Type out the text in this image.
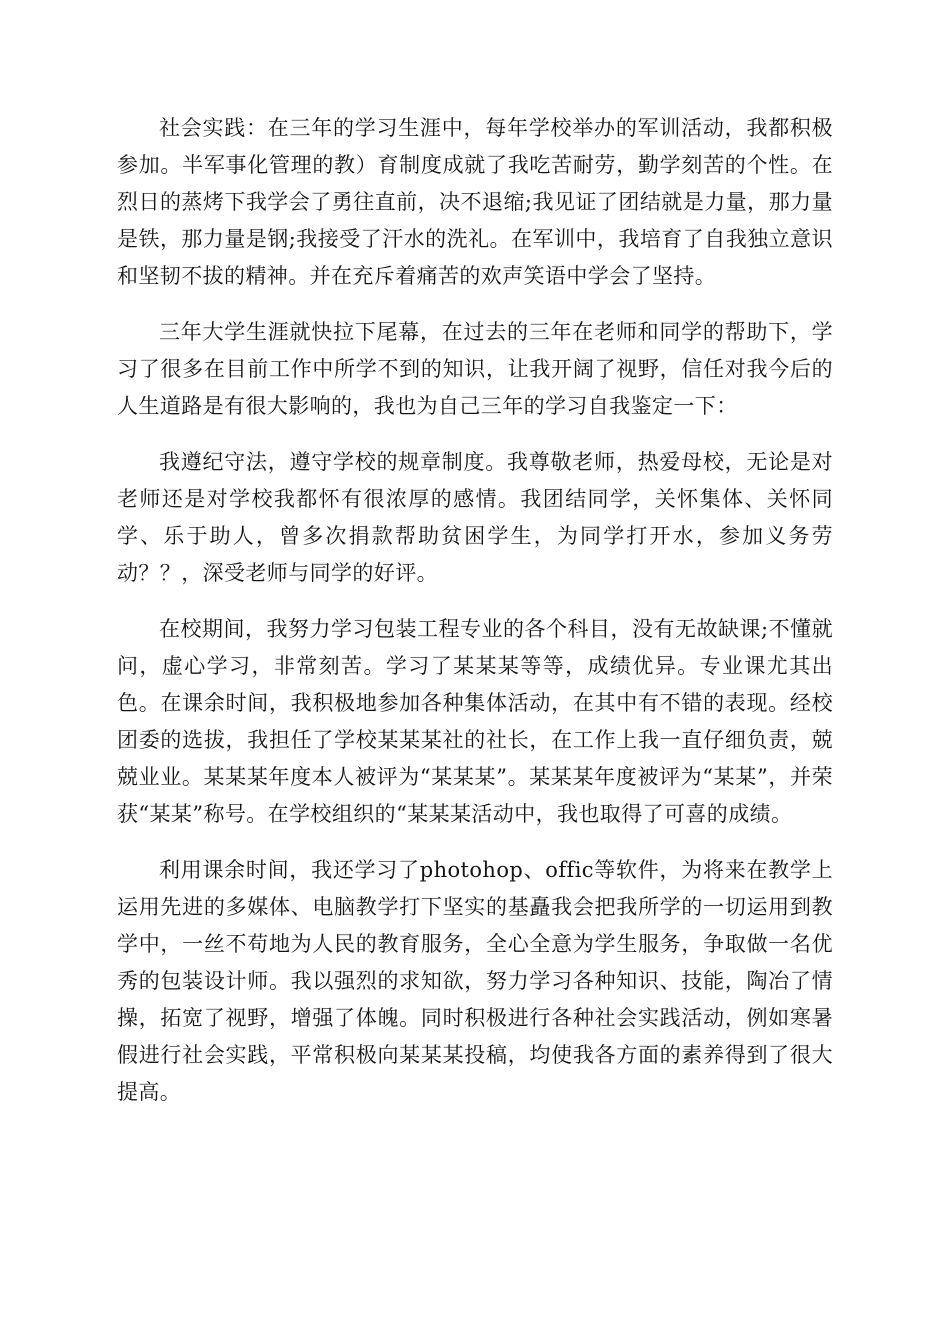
社会实践：在三年的学习生涯中，每年学校举办的军训活动，我都积极参加。半军事化管理的教）育制度成就了我吃苦耐劳，勤学刻苦的个性。在烈日的蒸烤下我学会了勇往直前，决不退缩;我见证了团结就是力量，那力量是铁，那力量是钢;我接受了汗水的洗礼。在军训中，我培育了自我独立意识和坚韧不拔的精神。并在充斥着痛苦的欢声笑语中学会了坚持。

三年大学生涯就快拉下尾幕，在过去的三年在老师和同学的帮助下，学习了很多在目前工作中所学不到的知识，让我开阔了视野，信任对我今后的人生道路是有很大影响的，我也为自己三年的学习自我鉴定一下：

我遵纪守法，遵守学校的规章制度。我尊敬老师，热爱母校，无论是对老师还是对学校我都怀有很浓厚的感情。我团结同学，关怀集体、关怀同学、乐于助人，曾多次捐款帮助贫困学生，为同学打开水，参加义务劳动？？，深受老师与同学的好评。

在校期间，我努力学习包装工程专业的各个科目，没有无故缺课;不懂就问，虚心学习，非常刻苦。学习了某某某等等，成绩优异。专业课尤其出色。在课余时间，我积极地参加各种集体活动，在其中有不错的表现。经校团委的选拔，我担任了学校某某某社的社长，在工作上我一直仔细负责，兢兢业业。某某某年度本人被评为“某某某”。某某某年度被评为“某某”，并荣获“某某”称号。在学校组织的“某某某活动中，我也取得了可喜的成绩。

利用课余时间，我还学习了photohop、offic等软件，为将来在教学上运用先进的多媒体、电脑教学打下坚实的基矗我会把我所学的一切运用到教学中，一丝不苟地为人民的教育服务，全心全意为学生服务，争取做一名优秀的包装设计师。我以强烈的求知欲，努力学习各种知识、技能，陶冶了情操，拓宽了视野，增强了体魄。同时积极进行各种社会实践活动，例如寒暑假进行社会实践，平常积极向某某某投稿，均使我各方面的素养得到了很大提高。
